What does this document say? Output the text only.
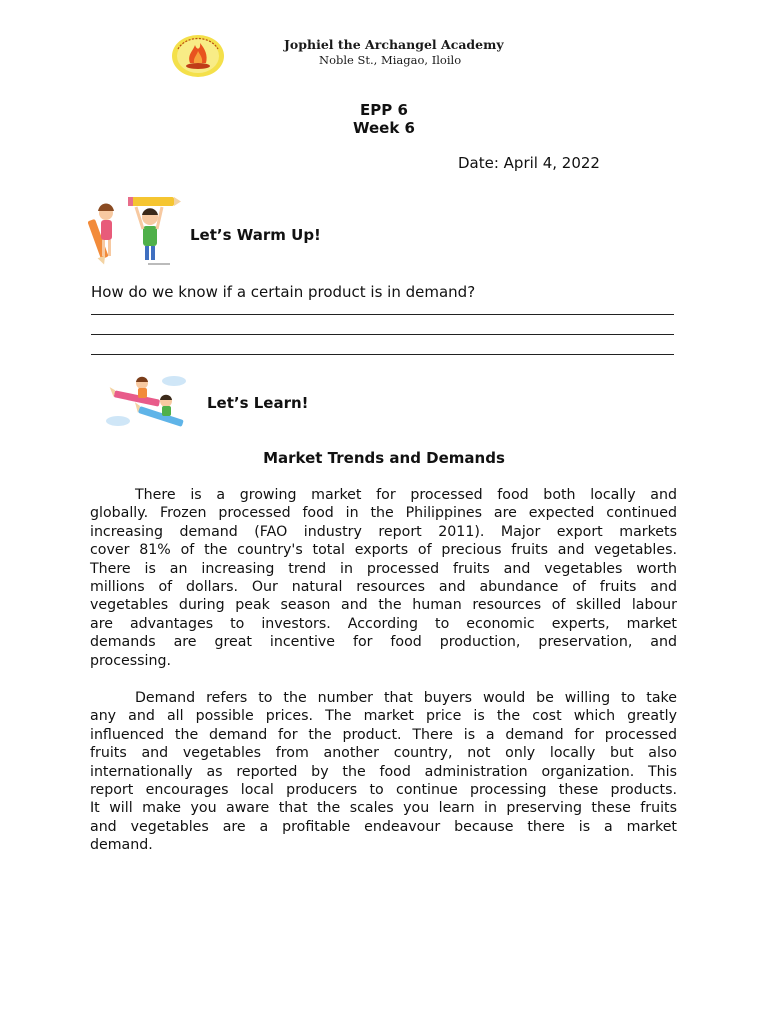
Jophiel the Archangel Academy
Noble St., Miagao, Iloilo
EPP 6
Week 6
Date: April 4, 2022
Let’s Warm Up!
How do we know if a certain product is in demand?
Let’s Learn!
Market Trends and Demands
There is a growing market for processed food both locally and
globally. Frozen processed food in the Philippines are expected continued
increasing demand (FAO industry report 2011). Major export markets
cover 81% of the country's total exports of precious fruits and vegetables.
There is an increasing trend in processed fruits and vegetables worth
millions of dollars. Our natural resources and abundance of fruits and
vegetables during peak season and the human resources of skilled labour
are advantages to investors. According to economic experts, market
demands are great incentive for food production, preservation, and
processing.
Demand refers to the number that buyers would be willing to take
any and all possible prices. The market price is the cost which greatly
influenced the demand for the product. There is a demand for processed
fruits and vegetables from another country, not only locally but also
internationally as reported by the food administration organization. This
report encourages local producers to continue processing these products.
It will make you aware that the scales you learn in preserving these fruits
and vegetables are a profitable endeavour because there is a market
demand.
